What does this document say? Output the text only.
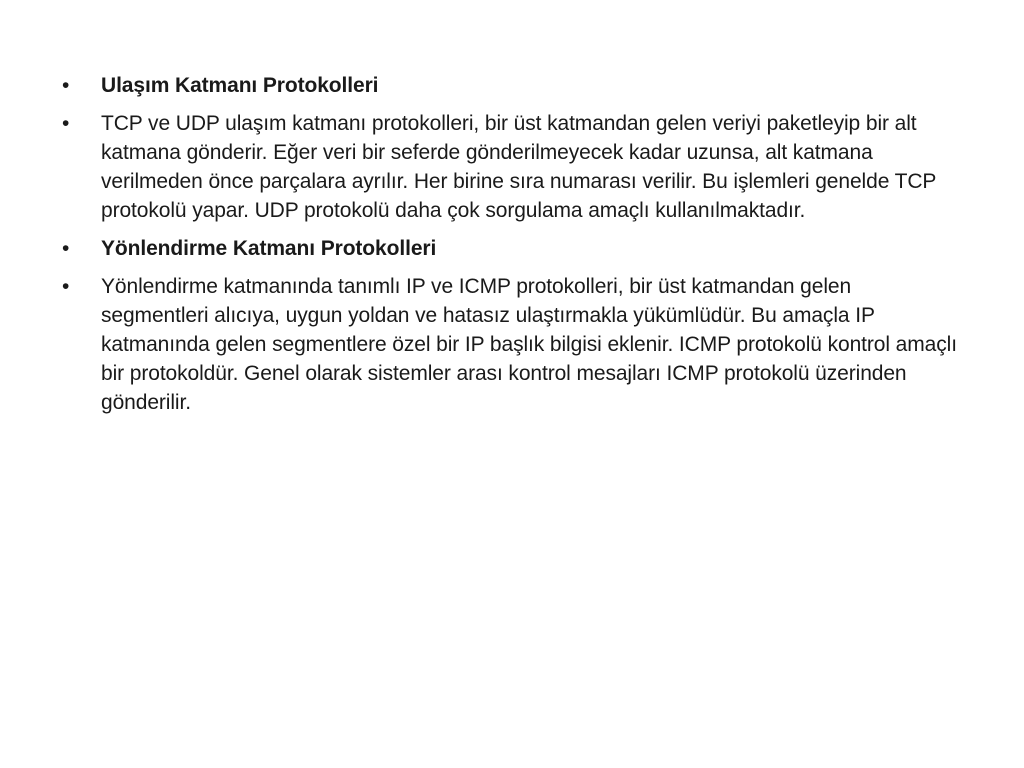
• Ulaşım Katmanı Protokolleri
• TCP ve UDP ulaşım katmanı protokolleri, bir üst katmandan gelen veriyi paketleyip bir alt katmana gönderir. Eğer veri bir seferde gönderilmeyecek kadar uzunsa, alt katmana verilmeden önce parçalara ayrılır. Her birine sıra numarası verilir. Bu işlemleri genelde TCP protokolü yapar. UDP protokolü daha çok sorgulama amaçlı kullanılmaktadır.
• Yönlendirme Katmanı Protokolleri
• Yönlendirme katmanında tanımlı IP ve ICMP protokolleri, bir üst katmandan gelen segmentleri alıcıya, uygun yoldan ve hatasız ulaştırmakla yükümlüdür. Bu amaçla IP katmanında gelen segmentlere özel bir IP başlık bilgisi eklenir. ICMP protokolü kontrol amaçlı bir protokoldür. Genel olarak sistemler arası kontrol mesajları ICMP protokolü üzerinden gönderilir.
